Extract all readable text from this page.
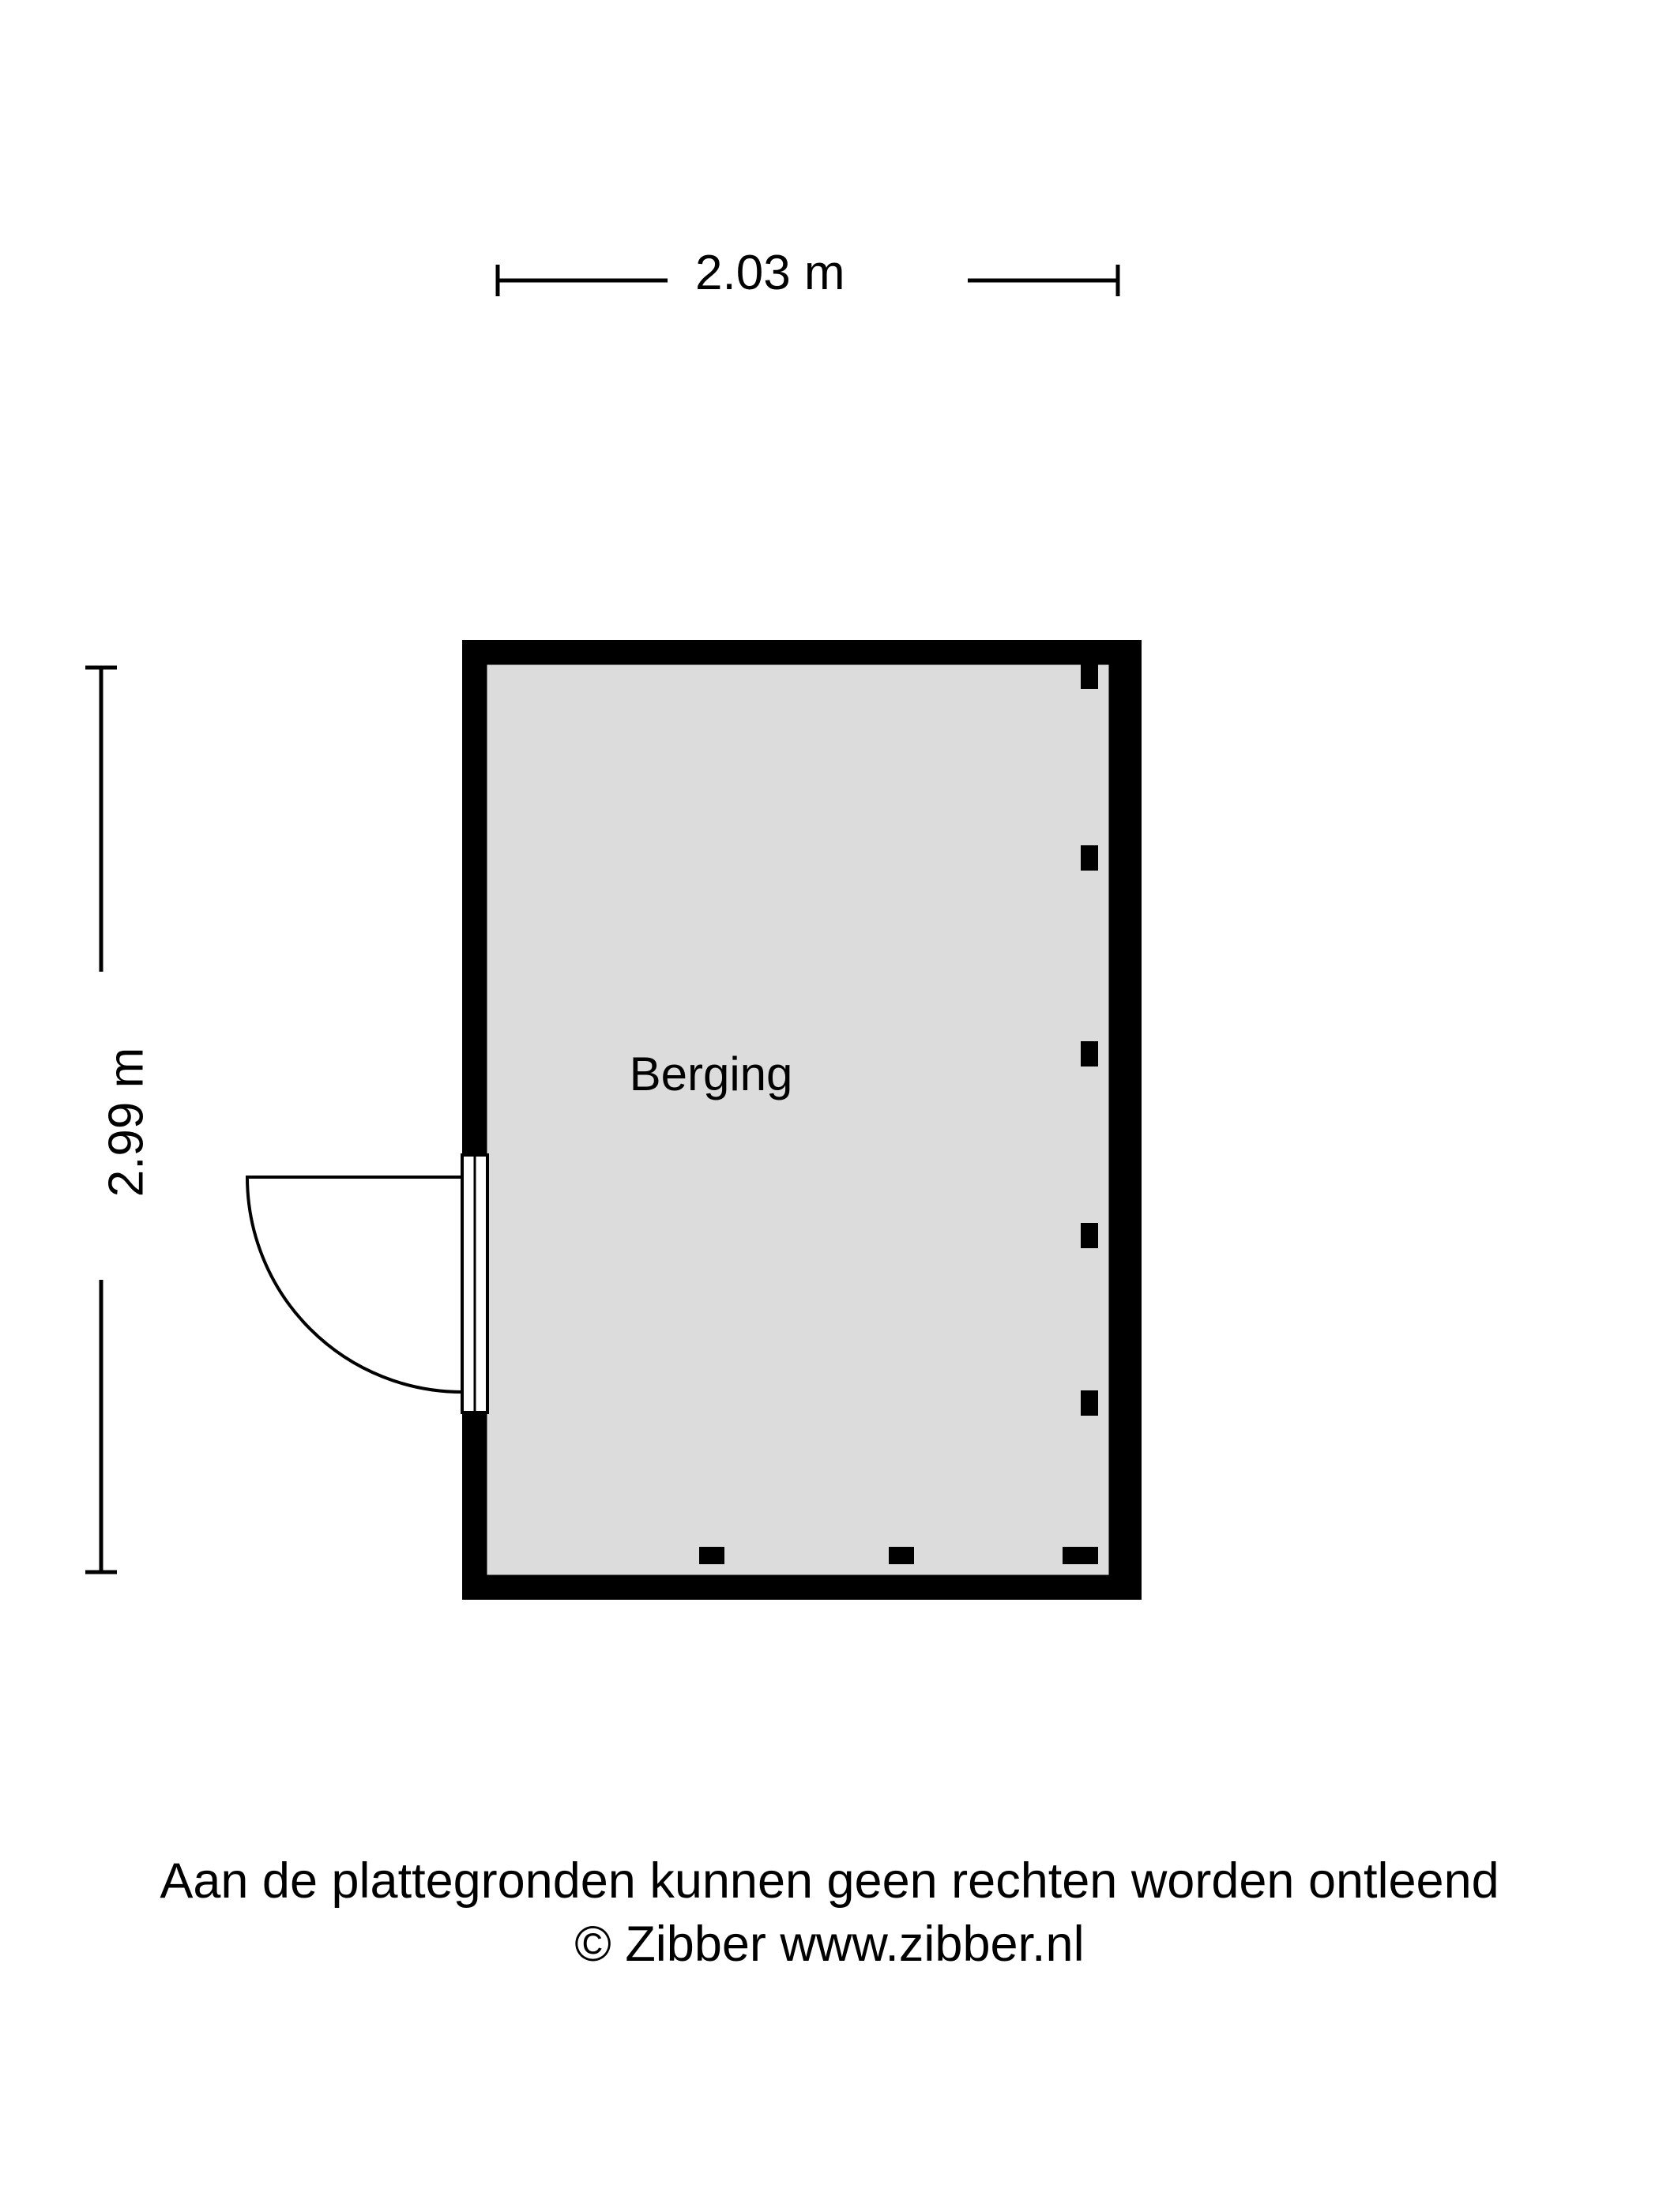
2.03 m
2.99 m	Berging
Aan de plattegronden kunnen geen rechten worden ontleend
© Zibber www.zibber.nl
